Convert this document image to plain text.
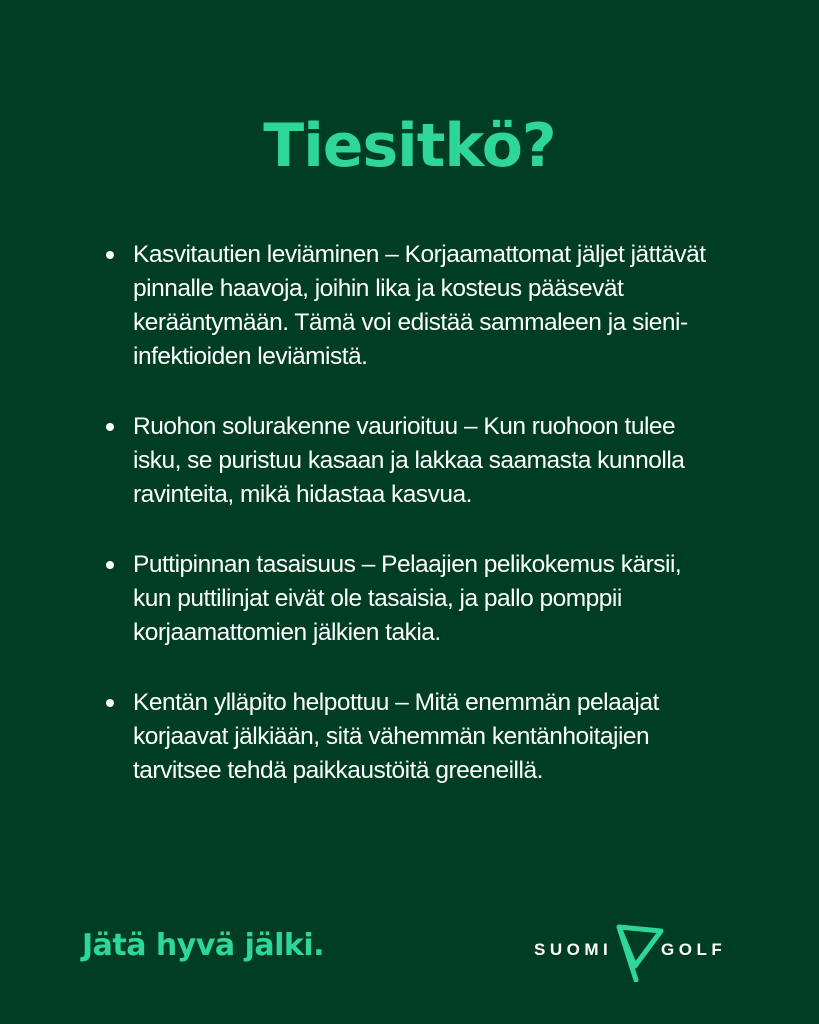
Tiesitkö?
Kasvitautien leviäminen – Korjaamattomat jäljet jättävät pinnalle haavoja, joihin lika ja kosteus pääsevät kerääntymään. Tämä voi edistää sammaleen ja sieni-infektioiden leviämistä.
Ruohon solurakenne vaurioituu – Kun ruohoon tulee isku, se puristuu kasaan ja lakkaa saamasta kunnolla ravinteita, mikä hidastaa kasvua.
Puttipinnan tasaisuus – Pelaajien pelikokemus kärsii, kun puttilinjat eivät ole tasaisia, ja pallo pomppii korjaamattomien jälkien takia.
Kentän ylläpito helpottuu – Mitä enemmän pelaajat korjaavat jälkiään, sitä vähemmän kentänhoitajien tarvitsee tehdä paikkaustöitä greeneillä.

Jätä hyvä jälki.	SUOMI	GOLF
